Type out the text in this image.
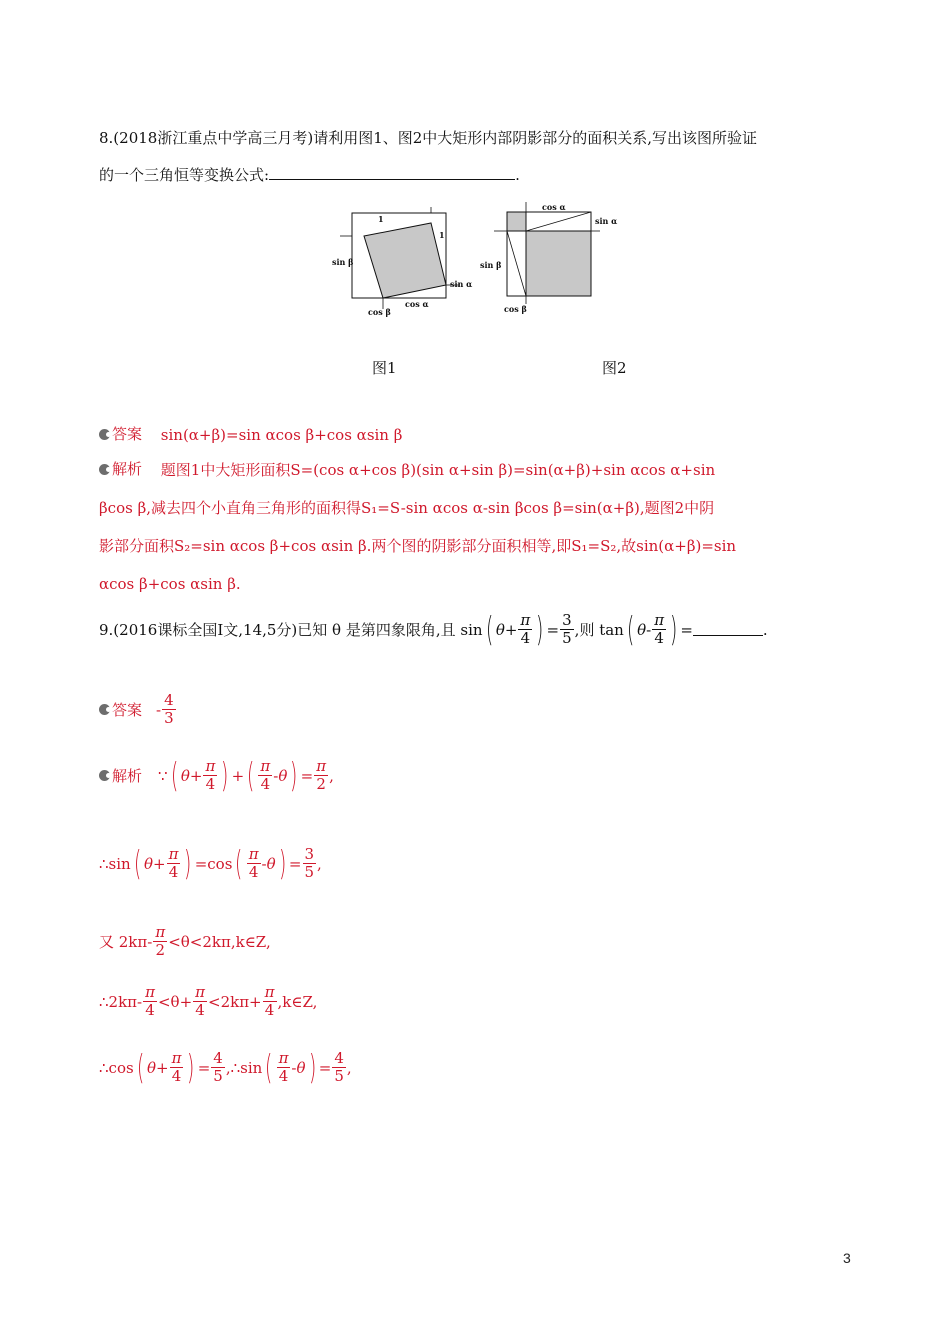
8.(2018浙江重点中学高三月考)请利用图1、图2中大矩形内部阴影部分的面积关系,写出该图所验证
的一个三角恒等变换公式:	.
1
1
sin β
sin α
cos α
cos β
cos α
sin α
sin β
cos β
图1	图2
答案 sin(α+β)=sin αcos β+cos αsin β
解析 题图1中大矩形面积S=(cos α+cos β)(sin α+sin β)=sin(α+β)+sin αcos α+sin
βcos β,减去四个小直角三角形的面积得S₁=S-sin αcos α-sin βcos β=sin(α+β),题图2中阴
影部分面积S₂=sin αcos β+cos αsin β.两个图的阴影部分面积相等,即S₁=S₂,故sin(α+β)=sin
αcos β+cos αsin β.
9.(2016课标全国Ⅰ文,14,5分)已知 θ 是第四象限角,且 sin ( $\theta + \frac{\pi}{4}$ ) = $\frac{3}{5}$ ,则 tan ( θ - $\frac{\pi}{4}$ ) =	.
答案 - $\frac{4}{3}$
解析 ∵ ( $\theta + \frac{\pi}{4}$ ) + ( $\frac{\pi}{4}$ - θ ) = $\frac{\pi}{2}$ ,
∴ sin ( $\theta + \frac{\pi}{4}$ ) = cos ( $\frac{\pi}{4}$ - θ ) = $\frac{3}{5}$ ,
又 $2k\pi- \frac{\pi}{2}$ <θ<2kπ,k∈Z,
∴2kπ- $\frac{\pi}{4} <\theta+ \frac{\pi}{4} <2k\pi+ \frac{\pi}{4}$ ,k∈Z,
∴ cos ( $\theta + \frac{\pi}{4}$ ) = $\frac{4}{5}$ , ∴ sin ( $\frac{\pi}{4}$ - θ ) = $\frac{4}{5}$ ,
3
